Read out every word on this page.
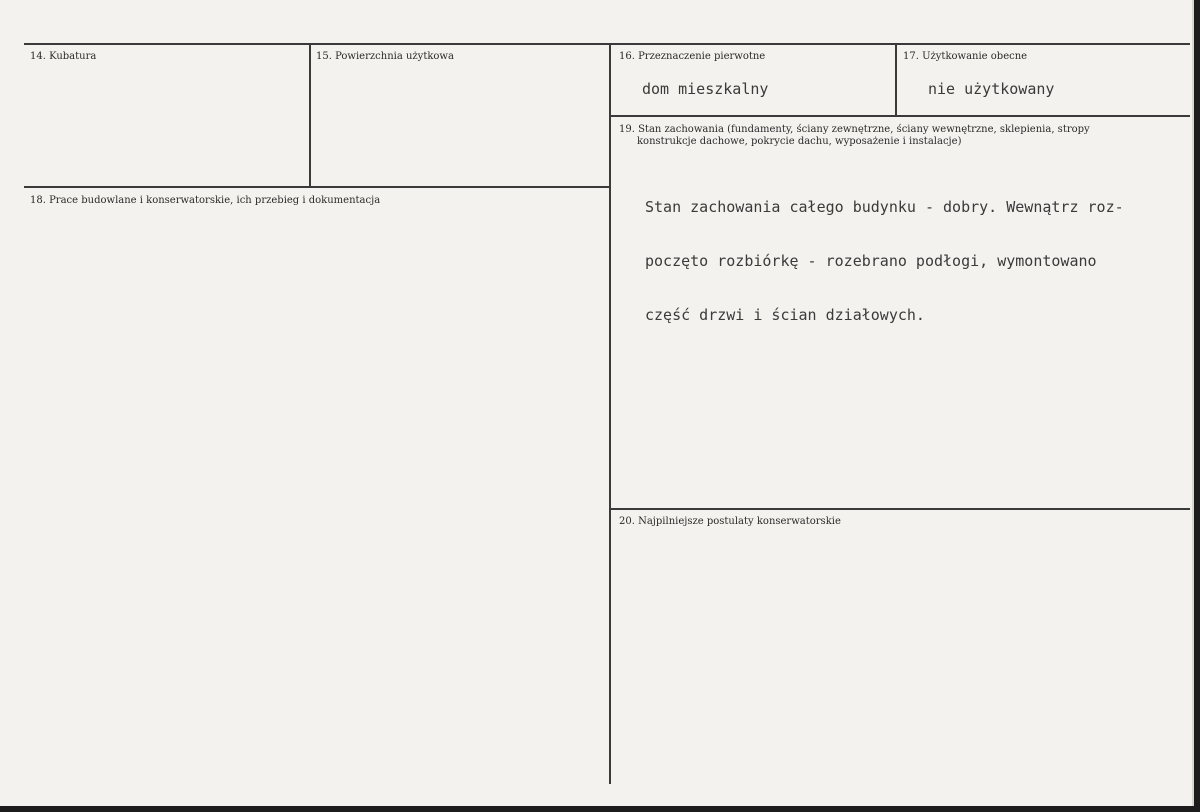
14. Kubatura	15. Powierzchnia użytkowa	16. Przeznaczenie pierwotne
dom mieszkalny
17. Użytkowanie obecne
nie użytkowany
18. Prace budowlane i konserwatorskie, ich przebieg i dokumentacja
19. Stan zachowania (fundamenty, ściany zewnętrzne, ściany wewnętrzne, sklepienia, stropy
konstrukcje dachowe, pokrycie dachu, wyposażenie i instalacje)

Stan zachowania całego budynku - dobry. Wewnątrz roz-

poczęto rozbiórkę - rozebrano podłogi, wymontowano

część drzwi i ścian działowych.

20. Najpilniejsze postulaty konserwatorskie
